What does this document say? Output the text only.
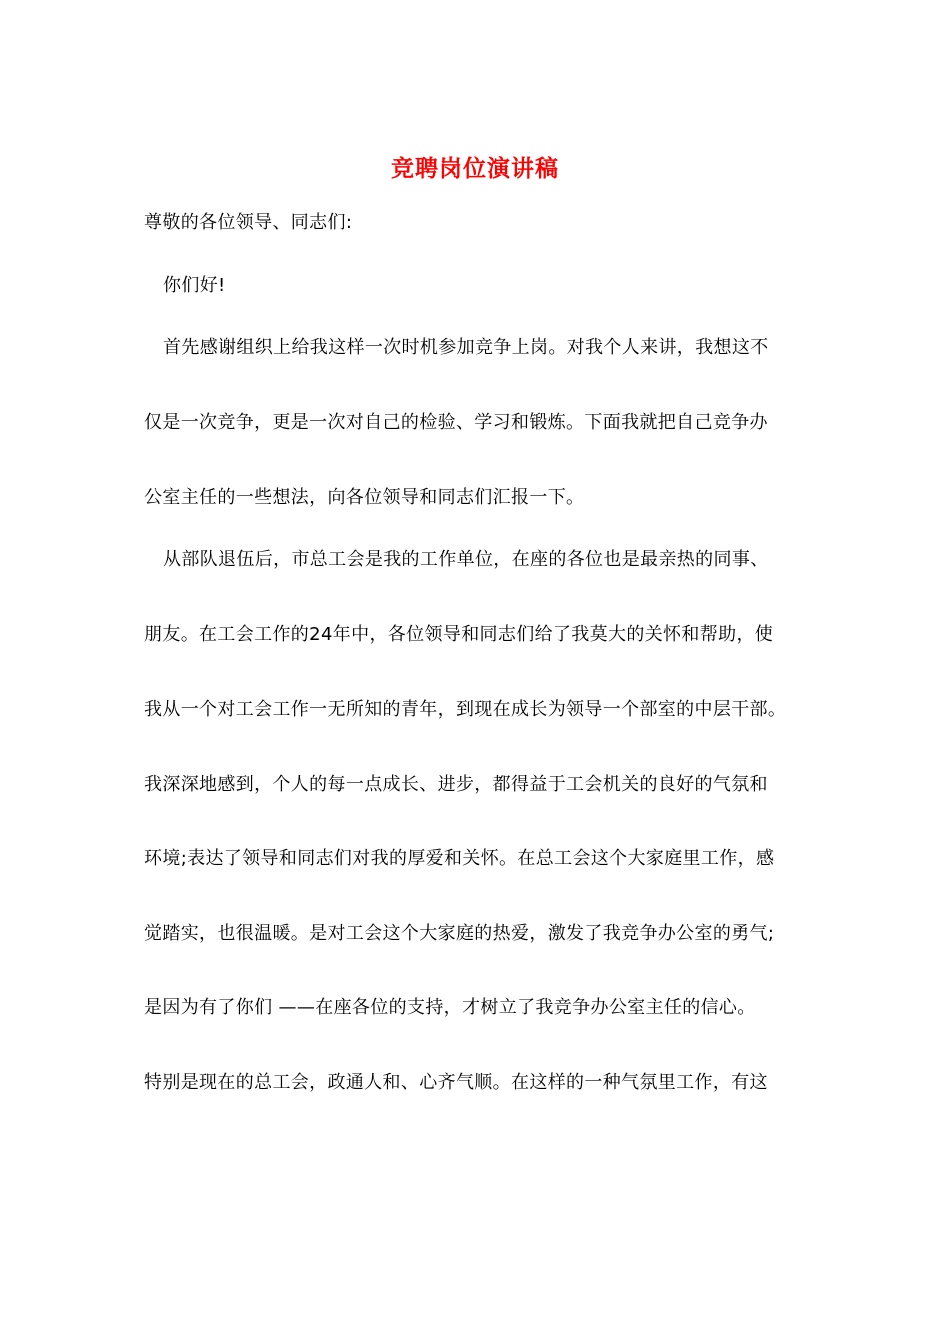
竞聘岗位演讲稿
尊敬的各位领导、同志们:
你们好!
首先感谢组织上给我这样一次时机参加竞争上岗。对我个人来讲，我想这不
仅是一次竞争，更是一次对自己的检验、学习和锻炼。下面我就把自己竞争办
公室主任的一些想法，向各位领导和同志们汇报一下。
从部队退伍后，市总工会是我的工作单位，在座的各位也是最亲热的同事、
朋友。在工会工作的24年中，各位领导和同志们给了我莫大的关怀和帮助，使
我从一个对工会工作一无所知的青年，到现在成长为领导一个部室的中层干部。
我深深地感到，个人的每一点成长、进步，都得益于工会机关的良好的气氛和
环境;表达了领导和同志们对我的厚爱和关怀。在总工会这个大家庭里工作，感
觉踏实，也很温暖。是对工会这个大家庭的热爱，激发了我竞争办公室的勇气;
是因为有了你们 ——在座各位的支持，才树立了我竞争办公室主任的信心。
特别是现在的总工会，政通人和、心齐气顺。在这样的一种气氛里工作，有这
